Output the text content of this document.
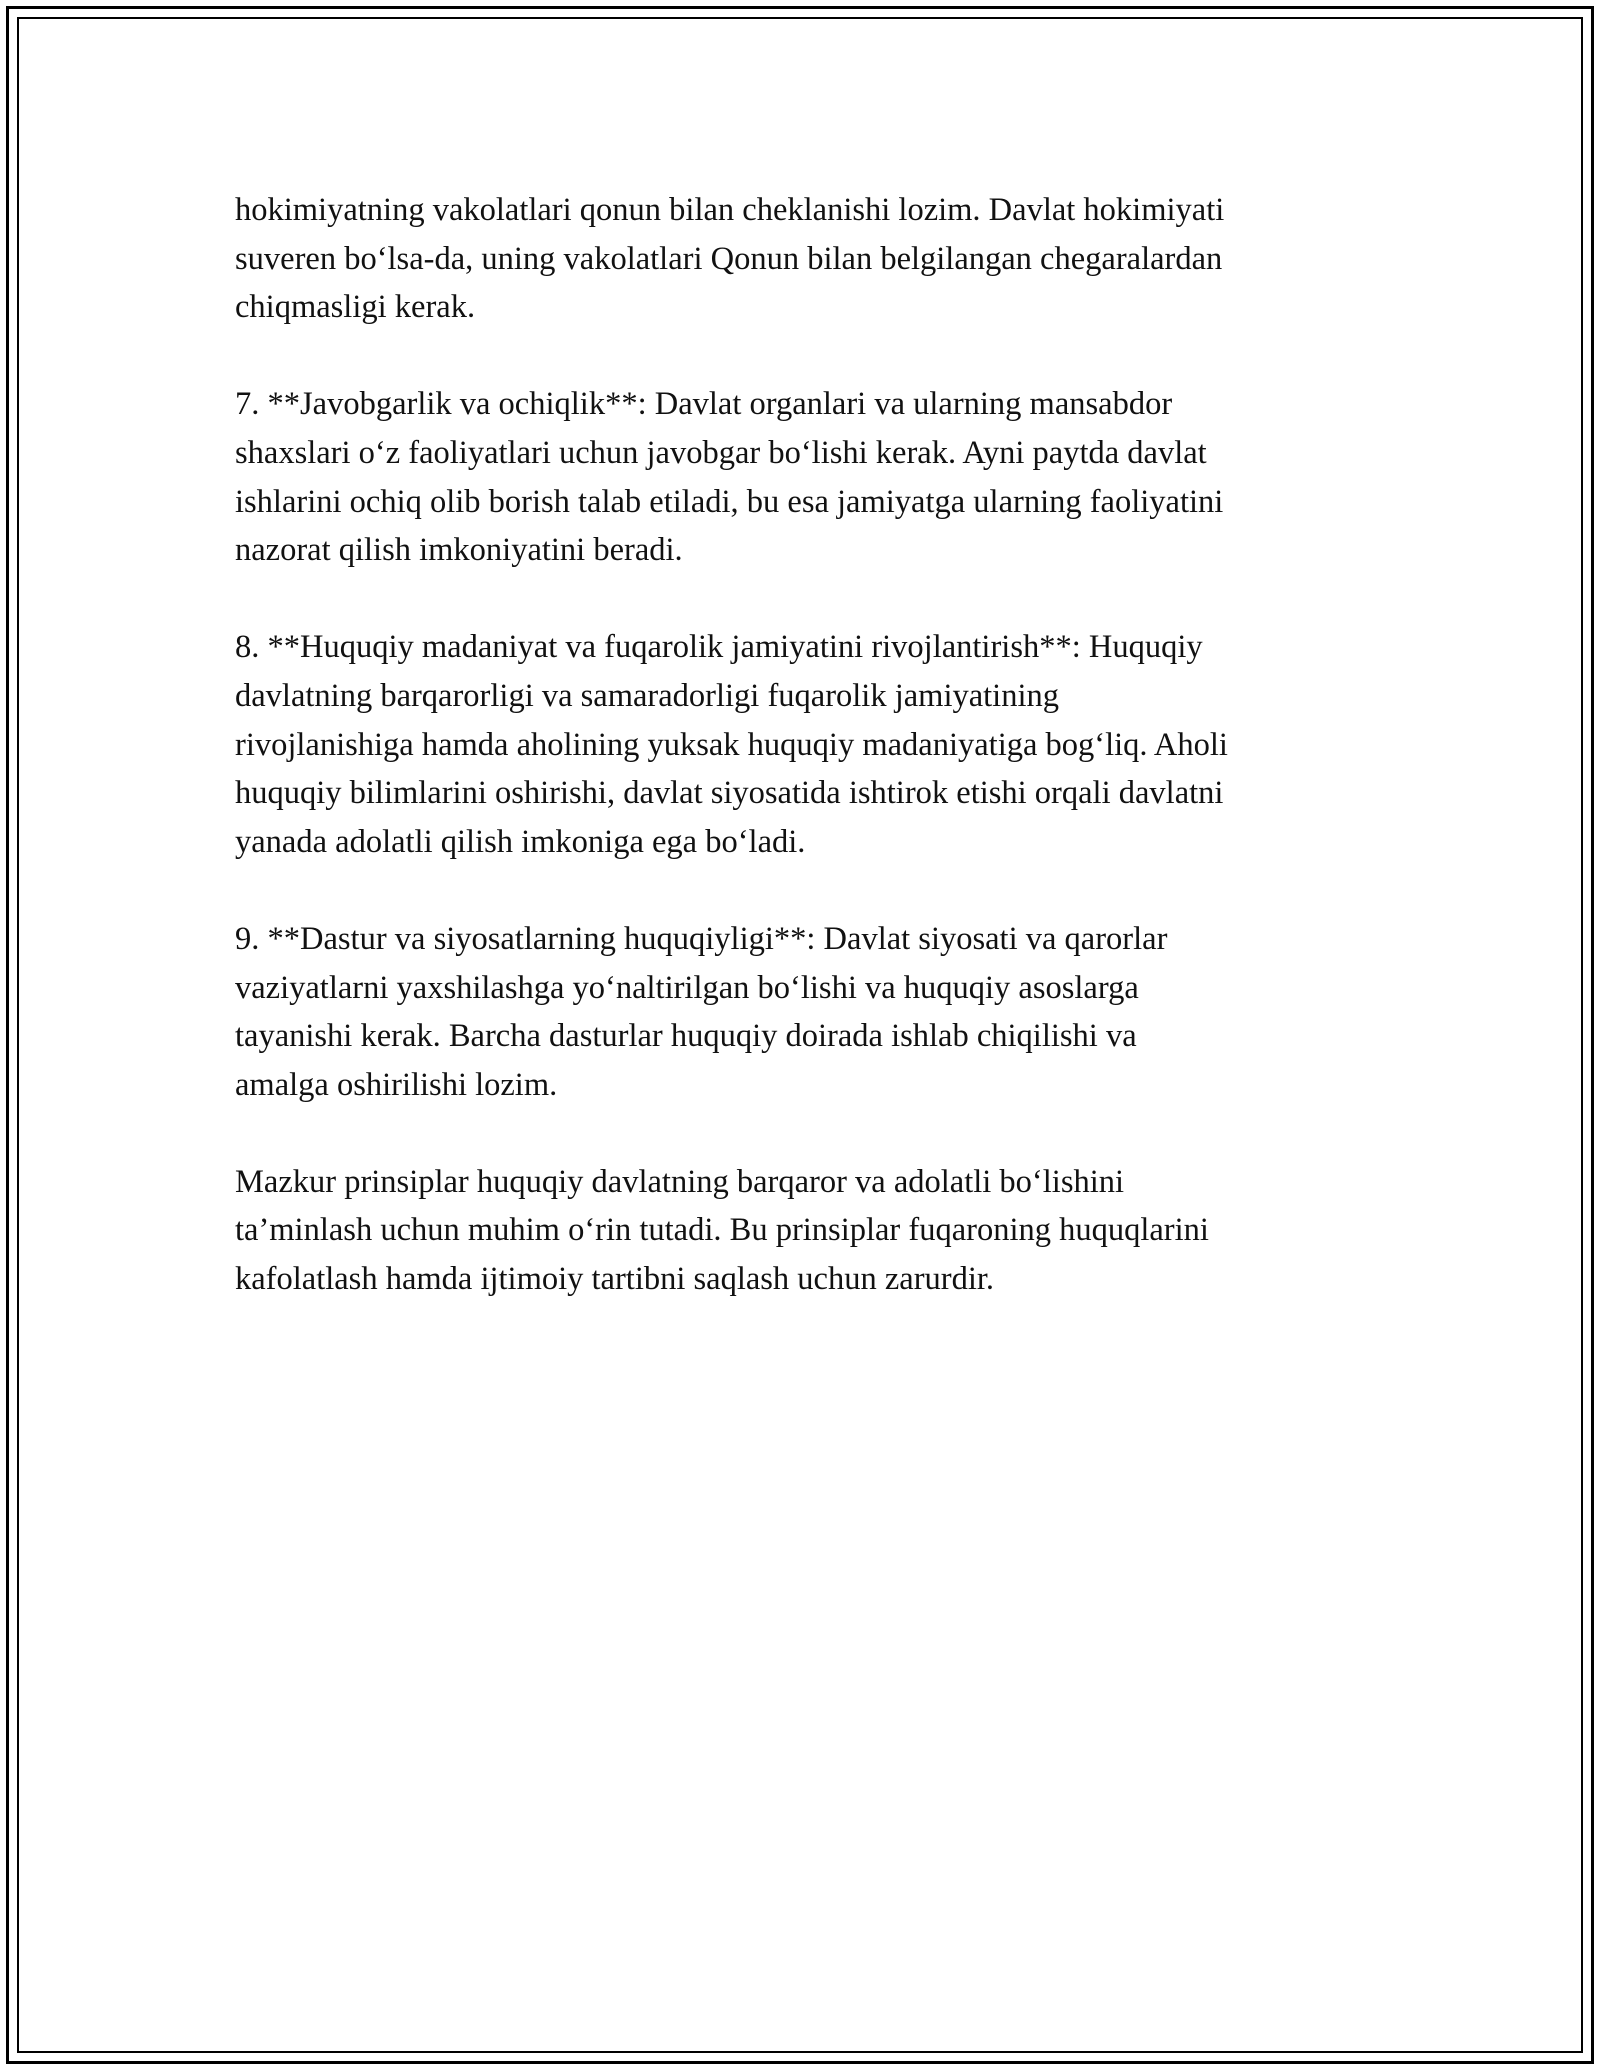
hokimiyatning vakolatlari qonun bilan cheklanishi lozim. Davlat hokimiyati
suveren bo‘lsa-da, uning vakolatlari Qonun bilan belgilangan chegaralardan
chiqmasligi kerak.

7. **Javobgarlik va ochiqlik**: Davlat organlari va ularning mansabdor
shaxslari o‘z faoliyatlari uchun javobgar bo‘lishi kerak. Ayni paytda davlat
ishlarini ochiq olib borish talab etiladi, bu esa jamiyatga ularning faoliyatini
nazorat qilish imkoniyatini beradi.

8. **Huquqiy madaniyat va fuqarolik jamiyatini rivojlantirish**: Huquqiy
davlatning barqarorligi va samaradorligi fuqarolik jamiyatining
rivojlanishiga hamda aholining yuksak huquqiy madaniyatiga bog‘liq. Aholi
huquqiy bilimlarini oshirishi, davlat siyosatida ishtirok etishi orqali davlatni
yanada adolatli qilish imkoniga ega bo‘ladi.

9. **Dastur va siyosatlarning huquqiyligi**: Davlat siyosati va qarorlar
vaziyatlarni yaxshilashga yo‘naltirilgan bo‘lishi va huquqiy asoslarga
tayanishi kerak. Barcha dasturlar huquqiy doirada ishlab chiqilishi va
amalga oshirilishi lozim.

Mazkur prinsiplar huquqiy davlatning barqaror va adolatli bo‘lishini
ta’minlash uchun muhim o‘rin tutadi. Bu prinsiplar fuqaroning huquqlarini
kafolatlash hamda ijtimoiy tartibni saqlash uchun zarurdir.
